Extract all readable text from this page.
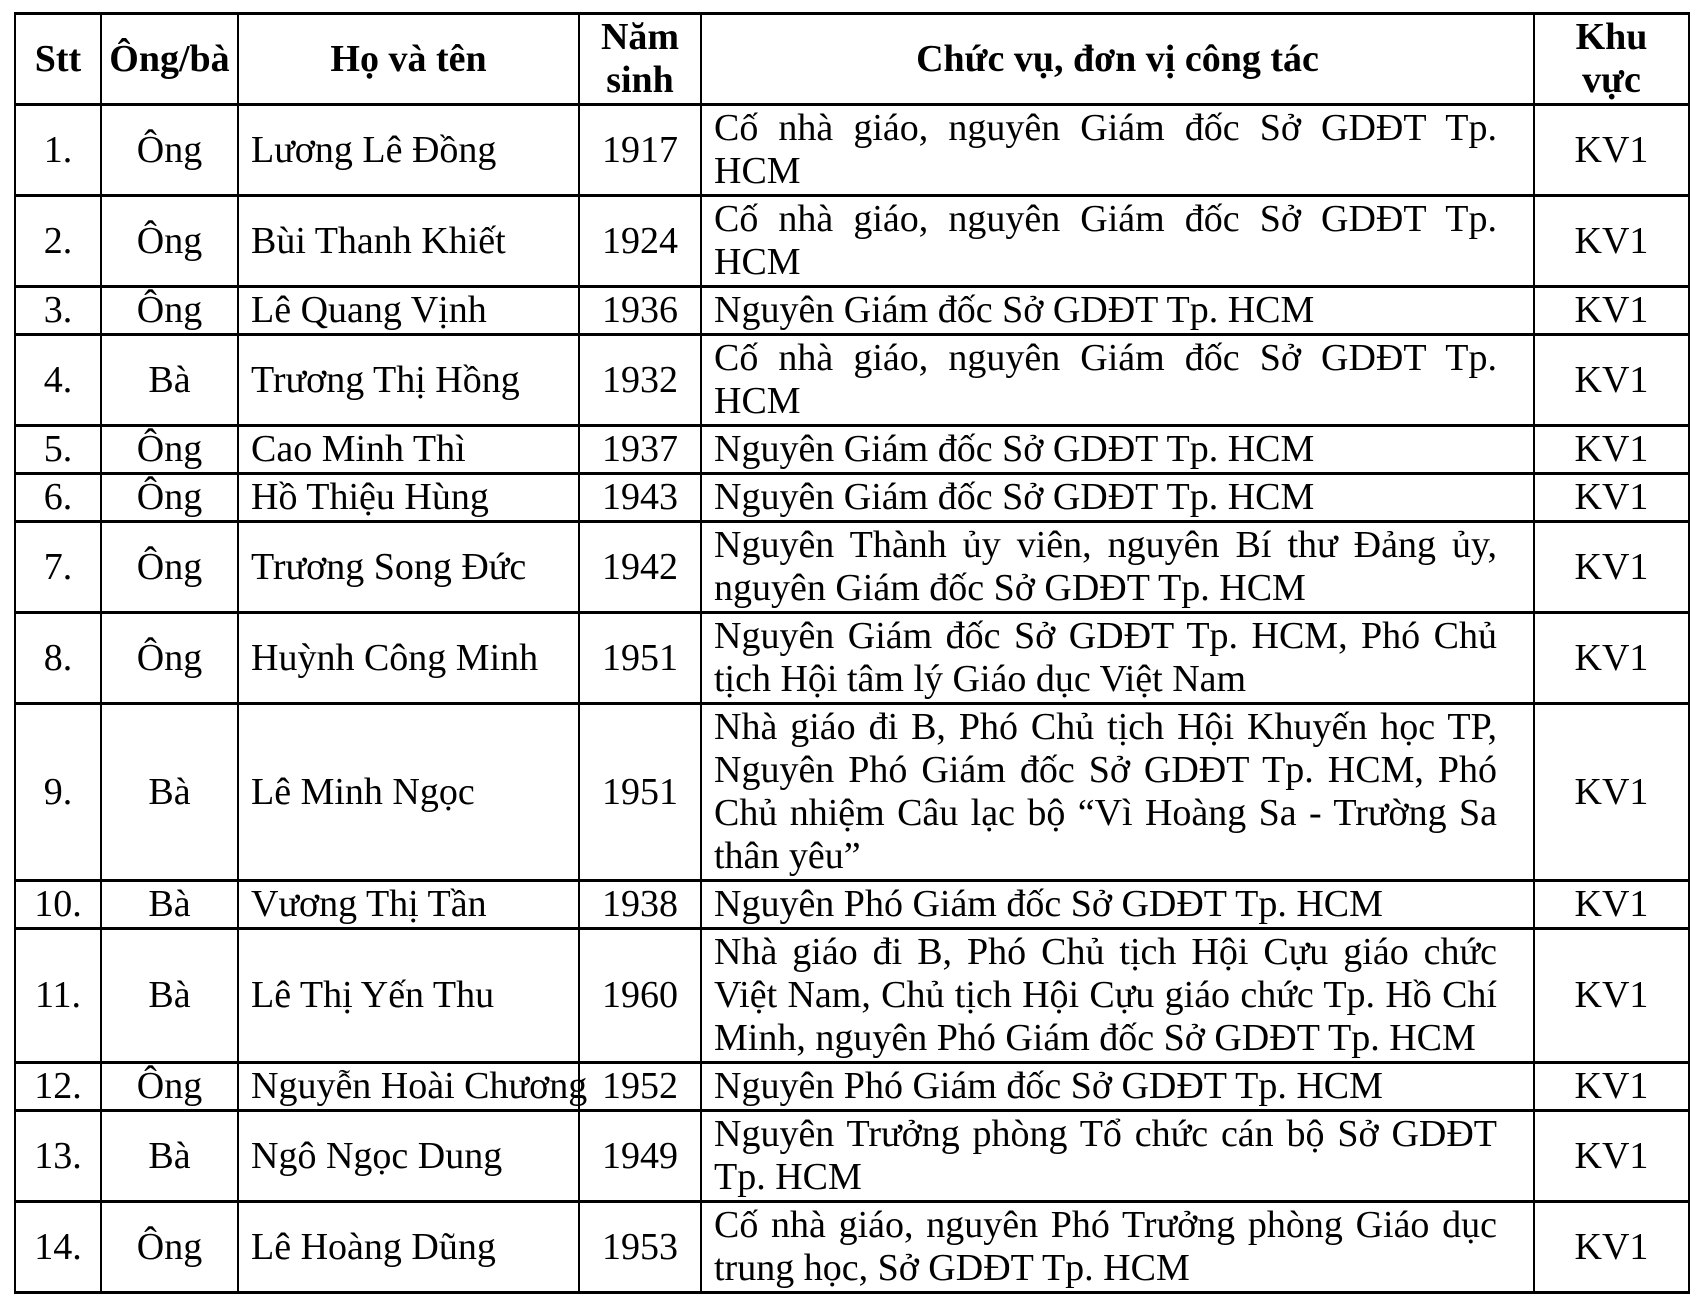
Stt	Ông/bà	Họ và tên	Năm sinh	Chức vụ, đơn vị công tác	Khu vực
1.	Ông	Lương Lê Đồng	1917	Cố nhà giáo, nguyên Giám đốc Sở GDĐT Tp. HCM	KV1
2.	Ông	Bùi Thanh Khiết	1924	Cố nhà giáo, nguyên Giám đốc Sở GDĐT Tp. HCM	KV1
3.	Ông	Lê Quang Vịnh	1936	Nguyên Giám đốc Sở GDĐT Tp. HCM	KV1
4.	Bà	Trương Thị Hồng	1932	Cố nhà giáo, nguyên Giám đốc Sở GDĐT Tp. HCM	KV1
5.	Ông	Cao Minh Thì	1937	Nguyên Giám đốc Sở GDĐT Tp. HCM	KV1
6.	Ông	Hồ Thiệu Hùng	1943	Nguyên Giám đốc Sở GDĐT Tp. HCM	KV1
7.	Ông	Trương Song Đức	1942	Nguyên Thành ủy viên, nguyên Bí thư Đảng ủy, nguyên Giám đốc Sở GDĐT Tp. HCM	KV1
8.	Ông	Huỳnh Công Minh	1951	Nguyên Giám đốc Sở GDĐT Tp. HCM, Phó Chủ tịch Hội tâm lý Giáo dục Việt Nam	KV1
9.	Bà	Lê Minh Ngọc	1951	Nhà giáo đi B, Phó Chủ tịch Hội Khuyến học TP, Nguyên Phó Giám đốc Sở GDĐT Tp. HCM, Phó Chủ nhiệm Câu lạc bộ “Vì Hoàng Sa - Trường Sa thân yêu”	KV1
10.	Bà	Vương Thị Tần	1938	Nguyên Phó Giám đốc Sở GDĐT Tp. HCM	KV1
11.	Bà	Lê Thị Yến Thu	1960	Nhà giáo đi B, Phó Chủ tịch Hội Cựu giáo chức Việt Nam, Chủ tịch Hội Cựu giáo chức Tp. Hồ Chí Minh, nguyên Phó Giám đốc Sở GDĐT Tp. HCM	KV1
12.	Ông	Nguyễn Hoài Chương	1952	Nguyên Phó Giám đốc Sở GDĐT Tp. HCM	KV1
13.	Bà	Ngô Ngọc Dung	1949	Nguyên Trưởng phòng Tổ chức cán bộ Sở GDĐT Tp. HCM	KV1
14.	Ông	Lê Hoàng Dũng	1953	Cố nhà giáo, nguyên Phó Trưởng phòng Giáo dục trung học, Sở GDĐT Tp. HCM	KV1
